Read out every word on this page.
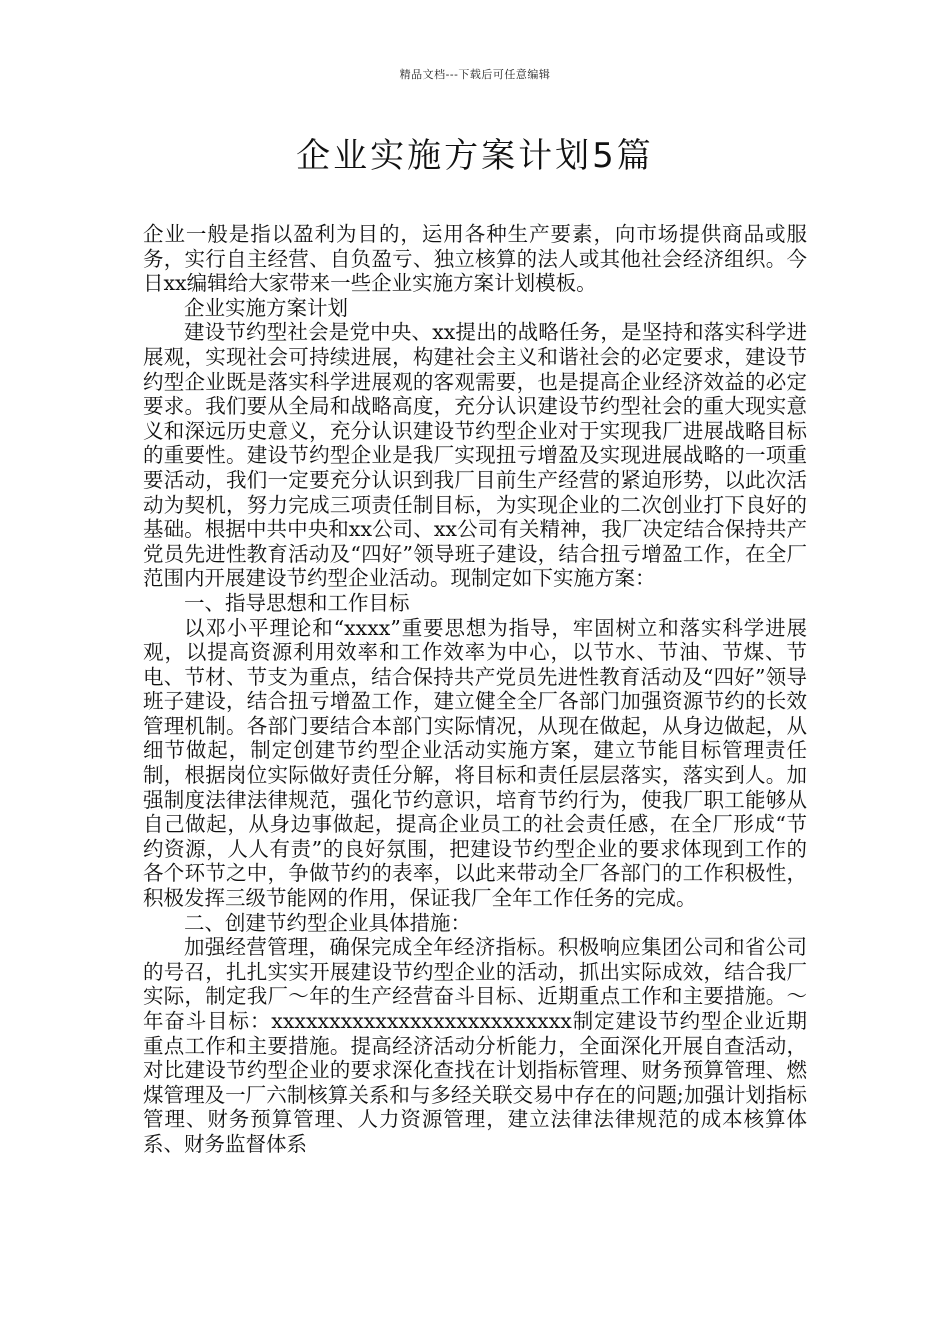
精品文档---下载后可任意编辑
企业实施方案计划5篇

企业一般是指以盈利为目的，运用各种生产要素，向市场提供商品或服务，实行自主经营、自负盈亏、独立核算的法人或其他社会经济组织。今日xx编辑给大家带来一些企业实施方案计划模板。

企业实施方案计划

建设节约型社会是党中央、xx提出的战略任务，是坚持和落实科学进展观，实现社会可持续进展，构建社会主义和谐社会的必定要求，建设节约型企业既是落实科学进展观的客观需要，也是提高企业经济效益的必定要求。我们要从全局和战略高度，充分认识建设节约型社会的重大现实意义和深远历史意义，充分认识建设节约型企业对于实现我厂进展战略目标的重要性。建设节约型企业是我厂实现扭亏增盈及实现进展战略的一项重要活动，我们一定要充分认识到我厂目前生产经营的紧迫形势，以此次活动为契机，努力完成三项责任制目标，为实现企业的二次创业打下良好的基础。根据中共中央和xx公司、xx公司有关精神，我厂决定结合保持共产党员先进性教育活动及“四好”领导班子建设，结合扭亏增盈工作，在全厂范围内开展建设节约型企业活动。现制定如下实施方案：

一、指导思想和工作目标

以邓小平理论和“xxxx”重要思想为指导，牢固树立和落实科学进展观，以提高资源利用效率和工作效率为中心，以节水、节油、节煤、节电、节材、节支为重点，结合保持共产党员先进性教育活动及“四好”领导班子建设，结合扭亏增盈工作，建立健全全厂各部门加强资源节约的长效管理机制。各部门要结合本部门实际情况，从现在做起，从身边做起，从细节做起，制定创建节约型企业活动实施方案，建立节能目标管理责任制，根据岗位实际做好责任分解，将目标和责任层层落实，落实到人。加强制度法律法律规范，强化节约意识，培育节约行为，使我厂职工能够从自己做起，从身边事做起，提高企业员工的社会责任感，在全厂形成“节约资源，人人有责”的良好氛围，把建设节约型企业的要求体现到工作的各个环节之中，争做节约的表率，以此来带动全厂各部门的工作积极性，积极发挥三级节能网的作用，保证我厂全年工作任务的完成。

二、创建节约型企业具体措施：

加强经营管理，确保完成全年经济指标。积极响应集团公司和省公司的号召，扎扎实实开展建设节约型企业的活动，抓出实际成效，结合我厂实际，制定我厂～年的生产经营奋斗目标、近期重点工作和主要措施。～年奋斗目标：xxxxxxxxxxxxxxxxxxxxxxxxxx制定建设节约型企业近期重点工作和主要措施。提高经济活动分析能力，全面深化开展自查活动，对比建设节约型企业的要求深化查找在计划指标管理、财务预算管理、燃煤管理及一厂六制核算关系和与多经关联交易中存在的问题;加强计划指标管理、财务预算管理、人力资源管理，建立法律法律规范的成本核算体系、财务监督体系
